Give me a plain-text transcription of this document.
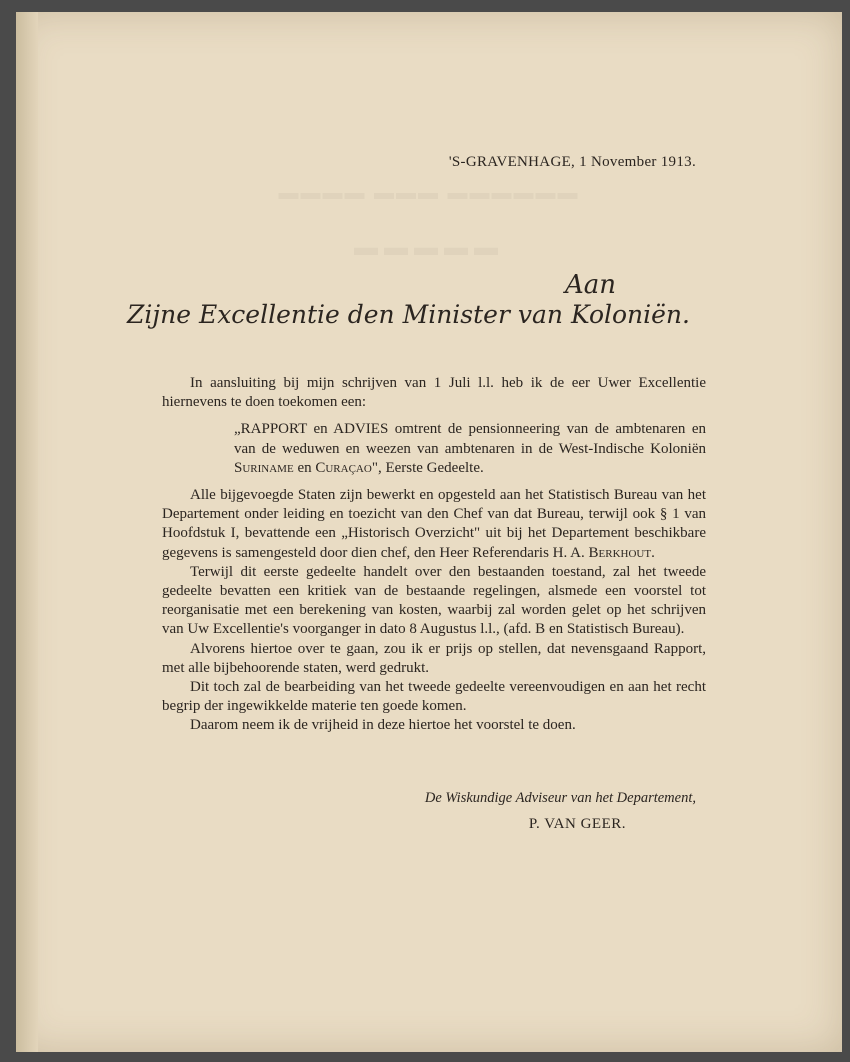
▬▬▬▬ ▬▬▬ ▬▬▬▬▬▬
▬▬▬▬▬
'S-GRAVENHAGE, 1 November 1913.
Aan
Zijne Excellentie den Minister van Koloniën.

In aansluiting bij mijn schrijven van 1 Juli l.l. heb ik de eer Uwer Excellentie hiernevens te doen toekomen een:

„RAPPORT en ADVIES omtrent de pensionneering van de ambtenaren en van de weduwen en weezen van ambtenaren in de West-Indische Koloniën Suriname en Curaçao", Eerste Gedeelte.

Alle bijgevoegde Staten zijn bewerkt en opgesteld aan het Statistisch Bureau van het Departement onder leiding en toezicht van den Chef van dat Bureau, terwijl ook § 1 van Hoofdstuk I, bevattende een „Historisch Overzicht" uit bij het Departement beschikbare gegevens is samengesteld door dien chef, den Heer Referendaris H. A. Berkhout.

Terwijl dit eerste gedeelte handelt over den bestaanden toestand, zal het tweede gedeelte bevatten een kritiek van de bestaande regelingen, alsmede een voorstel tot reorganisatie met een berekening van kosten, waarbij zal worden gelet op het schrijven van Uw Excellentie's voorganger in dato 8 Augustus l.l., (afd. B en Statistisch Bureau).

Alvorens hiertoe over te gaan, zou ik er prijs op stellen, dat nevensgaand Rapport, met alle bijbehoorende staten, werd gedrukt.

Dit toch zal de bearbeiding van het tweede gedeelte vereenvoudigen en aan het recht begrip der ingewikkelde materie ten goede komen.

Daarom neem ik de vrijheid in deze hiertoe het voorstel te doen.

De Wiskundige Adviseur van het Departement,
P. VAN GEER.
